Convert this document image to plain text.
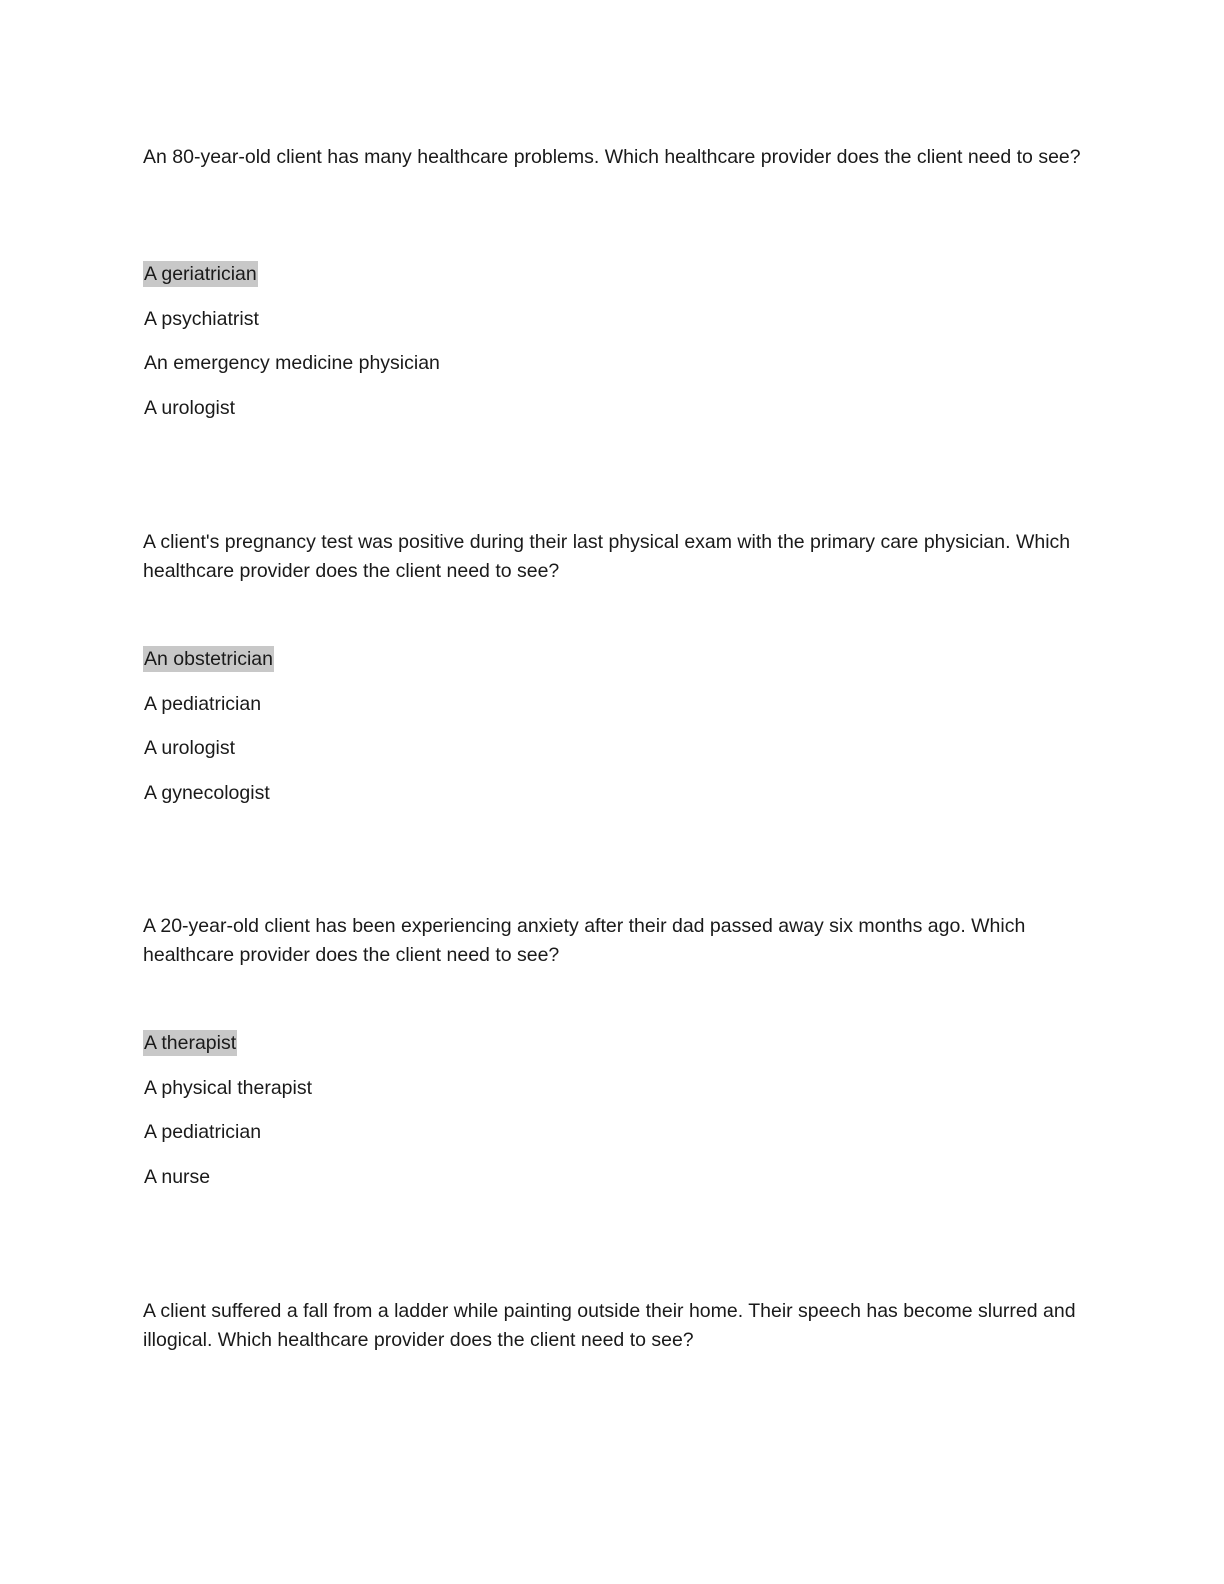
An 80-year-old client has many healthcare problems. Which healthcare provider does the client need to see?

A geriatrician
A psychiatrist
An emergency medicine physician
A urologist

A client's pregnancy test was positive during their last physical exam with the primary care physician. Which healthcare provider does the client need to see?

An obstetrician
A pediatrician
A urologist
A gynecologist

A 20-year-old client has been experiencing anxiety after their dad passed away six months ago. Which healthcare provider does the client need to see?

A therapist
A physical therapist
A pediatrician
A nurse

A client suffered a fall from a ladder while painting outside their home. Their speech has become slurred and illogical. Which healthcare provider does the client need to see?
